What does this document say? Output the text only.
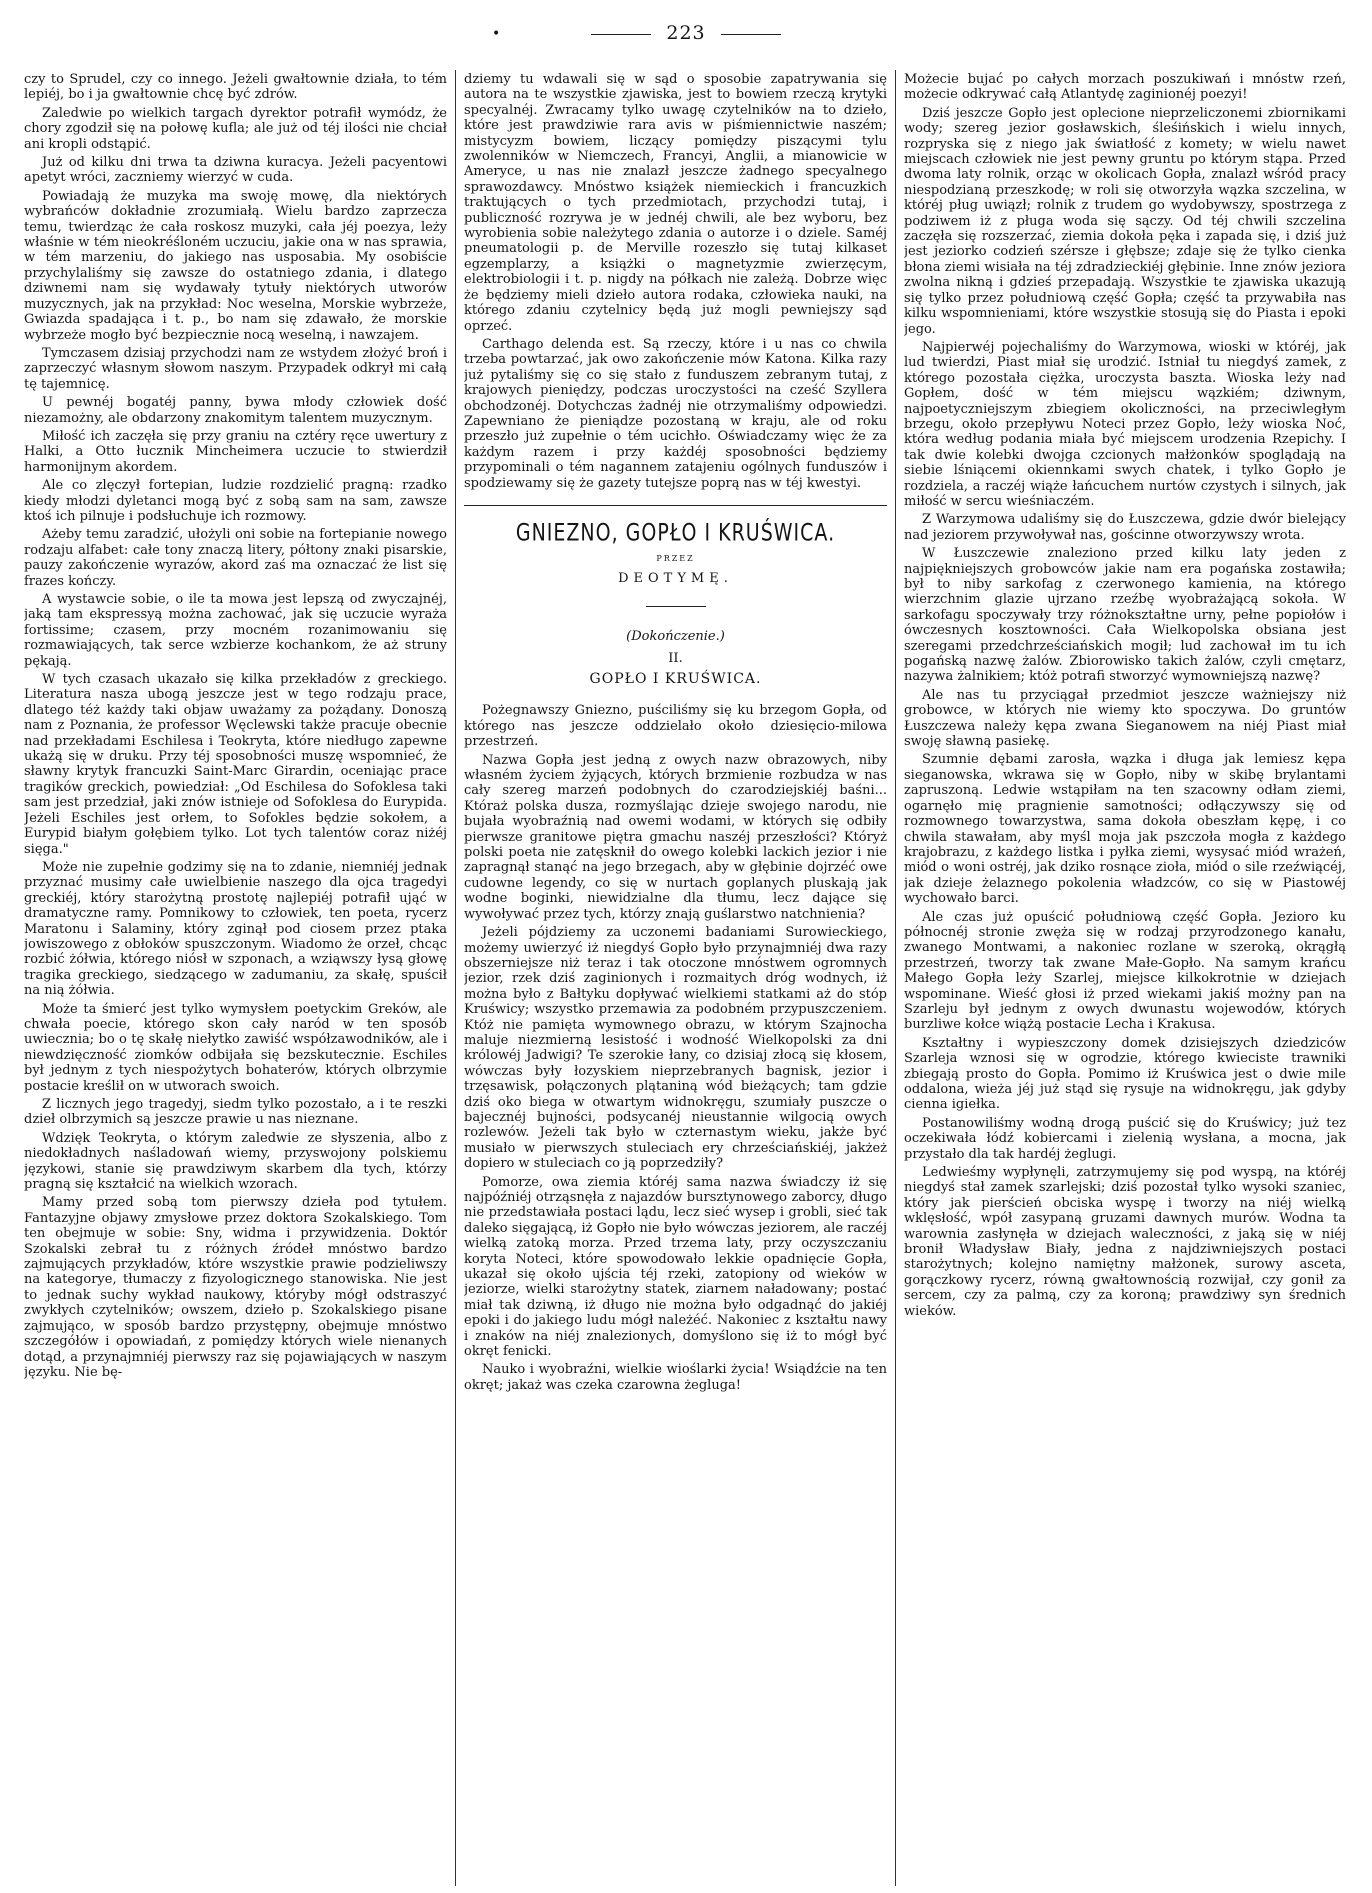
•	223

czy to Sprudel, czy co innego. Jeżeli gwałtownie działa, to tém lepiéj, bo i ja gwałtownie chcę być zdrów.

Zaledwie po wielkich targach dyrektor potrafił wymódz, że chory zgodził się na połowę kufla; ale już od téj ilości nie chciał ani kropli odstąpić.

Już od kilku dni trwa ta dziwna kuracya. Jeżeli pacyentowi apetyt wróci, zaczniemy wierzyć w cuda.

Powiadają że muzyka ma swoję mowę, dla niektórych wybrańców dokładnie zrozumiałą. Wielu bardzo zaprzecza temu, twierdząc że cała roskosz muzyki, cała jéj poezya, leży właśnie w tém nieokréśloném uczuciu, jakie ona w nas sprawia, w tém marzeniu, do jakiego nas usposabia. My osobiście przychylaliśmy się zawsze do ostatniego zdania, i dlatego dziwnemi nam się wydawały tytuły niektórych utworów muzycznych, jak na przykład: Noc weselna, Morskie wybrzeże, Gwiazda spadająca i t. p., bo nam się zdawało, że morskie wybrzeże mogło być bezpiecznie nocą weselną, i nawzajem.

Tymczasem dzisiaj przychodzi nam ze wstydem złożyć broń i zaprzeczyć własnym słowom naszym. Przypadek odkrył mi całą tę tajemnicę.

U pewnéj bogatéj panny, bywa młody człowiek dość niezamożny, ale obdarzony znakomitym talentem muzycznym.

Miłość ich zaczęła się przy graniu na cztéry ręce uwertury z Halki, a Otto łucznik Mincheimera uczucie to stwierdził harmonijnym akordem.

Ale co zlęczył fortepian, ludzie rozdzielić pragną: rzadko kiedy młodzi dyletanci mogą być z sobą sam na sam, zawsze ktoś ich pilnuje i podsłuchuje ich rozmowy.

Ażeby temu zaradzić, ułożyli oni sobie na fortepianie nowego rodzaju alfabet: całe tony znaczą litery, półtony znaki pisarskie, pauzy zakończenie wyrazów, akord zaś ma oznaczać że list się frazes kończy.

A wystawcie sobie, o ile ta mowa jest lepszą od zwyczajnéj, jaką tam ekspressyą można zachować, jak się uczucie wyraża fortissime; czasem, przy mocném rozanimowaniu się rozmawiających, tak serce wzbierze kochankom, że aż struny pękają.

W tych czasach ukazało się kilka przekładów z greckiego. Literatura nasza ubogą jeszcze jest w tego rodzaju prace, dlatego téż każdy taki objaw uważamy za pożądany. Donoszą nam z Poznania, że professor Węclewski także pracuje obecnie nad przekładami Eschilesa i Teokryta, które niedługo zapewne ukażą się w druku. Przy téj sposobności muszę wspomnieć, że sławny krytyk francuzki Saint-Marc Girardin, oceniając prace tragików greckich, powiedział: „Od Eschilesa do Sofoklesa taki sam jest przedział, jaki znów istnieje od Sofoklesa do Eurypida. Jeżeli Eschiles jest orłem, to Sofokles będzie sokołem, a Eurypid białym gołębiem tylko. Lot tych talentów coraz niżéj sięga."

Może nie zupełnie godzimy się na to zdanie, niemniéj jednak przyznać musimy całe uwielbienie naszego dla ojca tragedyi greckiéj, który starożytną prostotę najlepiéj potrafił ująć w dramatyczne ramy. Pomnikowy to człowiek, ten poeta, rycerz Maratonu i Salaminy, który zginął pod ciosem przez ptaka jowiszowego z obłoków spuszczonym. Wiadomo że orzeł, chcąc rozbić żółwia, którego niósł w szponach, a wziąwszy łysą głowę tragika greckiego, siedzącego w zadumaniu, za skałę, spuścił na nią żółwia.

Może ta śmierć jest tylko wymysłem poetyckim Greków, ale chwała poecie, którego skon cały naród w ten sposób uwiecznia; bo o tę skałę niełytko zawiść współzawodników, ale i niewdzięczność ziomków odbijała się bezskutecznie. Eschiles był jednym z tych niespożytych bohaterów, których olbrzymie postacie kreślił on w utworach swoich.

Z licznych jego tragedyj, siedm tylko pozostało, a i te reszki dzieł olbrzymich są jeszcze prawie u nas nieznane.

Wdzięk Teokryta, o którym zaledwie ze słyszenia, albo z niedokładnych naśladowań wiemy, przyswojony polskiemu językowi, stanie się prawdziwym skarbem dla tych, którzy pragną się kształcić na wielkich wzorach.

Mamy przed sobą tom pierwszy dzieła pod tytułem. Fantazyjne objawy zmysłowe przez doktora Szokalskiego. Tom ten obejmuje w sobie: Sny, widma i przywidzenia. Doktór Szokalski zebrał tu z różnych źródeł mnóstwo bardzo zajmujących przykładów, które wszystkie prawie podzieliwszy na kategorye, tłumaczy z fizyologicznego stanowiska. Nie jest to jednak suchy wykład naukowy, któryby mógł odstraszyć zwykłych czytelników; owszem, dzieło p. Szokalskiego pisane zajmująco, w sposób bardzo przystępny, obejmuje mnóstwo szczegółów i opowiadań, z pomiędzy których wiele nienanych dotąd, a przynajmniéj pierwszy raz się pojawiających w naszym języku. Nie bę-

dziemy tu wdawali się w sąd o sposobie zapatrywania się autora na te wszystkie zjawiska, jest to bowiem rzeczą krytyki specyalnéj. Zwracamy tylko uwagę czytelników na to dzieło, które jest prawdziwie rara avis w piśmiennictwie naszém; mistycyzm bowiem, liczący pomiędzy piszącymi tylu zwolenników w Niemczech, Francyi, Anglii, a mianowicie w Ameryce, u nas nie znalazł jeszcze żadnego specyalnego sprawozdawcy. Mnóstwo książek niemieckich i francuzkich traktujących o tych przedmiotach, przychodzi tutaj, i publiczność rozrywa je w jednéj chwili, ale bez wyboru, bez wyrobienia sobie należytego zdania o autorze i o dziele. Saméj pneumatologii p. de Merville rozeszło się tutaj kilkaset egzemplarzy, a książki o magnetyzmie zwierzęcym, elektrobiologii i t. p. nigdy na półkach nie zależą. Dobrze więc że będziemy mieli dzieło autora rodaka, człowieka nauki, na którego zdaniu czytelnicy będą już mogli pewniejszy sąd oprzeć.

Carthago delenda est. Są rzeczy, które i u nas co chwila trzeba powtarzać, jak owo zakończenie mów Katona. Kilka razy już pytaliśmy się co się stało z funduszem zebranym tutaj, z krajowych pieniędzy, podczas uroczystości na cześć Szyllera obchodzonéj. Dotychczas żadnéj nie otrzymaliśmy odpowiedzi. Zapewniano że pieniądze pozostaną w kraju, ale od roku przeszło już zupełnie o tém ucichło. Oświadczamy więc że za każdym razem i przy każdéj sposobności będziemy przypominali o tém nagannem zatajeniu ogólnych funduszów i spodziewamy się że gazety tutejsze poprą nas w téj kwestyi.

GNIEZNO, GOPŁO I KRUŚWICA.
PRZEZ
DEOTYMĘ.
(Dokończenie.)
II.
GOPŁO I KRUŚWICA.

Pożegnawszy Gniezno, puściliśmy się ku brzegom Gopła, od którego nas jeszcze oddzielało około dziesięcio-milowa przestrzeń.

Nazwa Gopła jest jedną z owych nazw obrazowych, niby własném życiem żyjących, których brzmienie rozbudza w nas cały szereg marzeń podobnych do czarodziejskiéj baśni... Któraż polska dusza, rozmyślając dzieje swojego narodu, nie bujała wyobraźnią nad owemi wodami, w których się odbiły pierwsze granitowe piętra gmachu naszéj przeszłości? Któryż polski poeta nie zatęsknił do owego kolebki lackich jezior i nie zapragnął stanąć na jego brzegach, aby w głębinie dojrzéć owe cudowne legendy, co się w nurtach goplanych pluskają jak wodne boginki, niewidzialne dla tłumu, lecz dające się wywoływać przez tych, którzy znają guślarstwo natchnienia?

Jeżeli pójdziemy za uczonemi badaniami Surowieckiego, możemy uwierzyć iż niegdyś Gopło było przynajmniéj dwa razy obszerniejsze niż teraz i tak otoczone mnóstwem ogromnych jezior, rzek dziś zaginionych i rozmaitych dróg wodnych, iż można było z Bałtyku dopływać wielkiemi statkami aż do stóp Kruświcy; wszystko przemawia za podobném przypuszczeniem. Któż nie pamięta wymownego obrazu, w którym Szajnocha maluje niezmierną lesistość i wodność Wielkopolski za dni królowéj Jadwigi? Te szerokie łany, co dzisiaj złocą się kłosem, wówczas były łozyskiem nieprzebranych bagnisk, jezior i trzęsawisk, połączonych plątaniną wód bieżących; tam gdzie dziś oko biega w otwartym widnokręgu, szumiały puszcze o bajecznéj bujności, podsycanéj nieustannie wilgocią owych rozlewów. Jeżeli tak było w czternastym wieku, jakże być musiało w pierwszych stuleciach ery chrześciańskiéj, jakżeż dopiero w stuleciach co ją poprzedziły?

Pomorze, owa ziemia któréj sama nazwa świadczy iż się najpóźniéj otrząsnęła z najazdów bursztynowego zaborcy, długo nie przedstawiała postaci lądu, lecz sieć wysep i grobli, sieć tak daleko sięgającą, iż Gopło nie było wówczas jeziorem, ale raczéj wielką zatoką morza. Przed trzema laty, przy oczyszczaniu koryta Noteci, które spowodowało lekkie opadnięcie Gopła, ukazał się około ujścia téj rzeki, zatopiony od wieków w jeziorze, wielki starożytny statek, ziarnem naładowany; postać miał tak dziwną, iż długo nie można było odgadnąć do jakiéj epoki i do jakiego ludu mógł należéć. Nakoniec z kształtu nawy i znaków na niéj znalezionych, domyślono się iż to mógł być okręt fenicki.

Nauko i wyobraźni, wielkie wioślarki życia! Wsiądźcie na ten okręt; jakaż was czeka czarowna żegluga!

Możecie bujać po całych morzach poszukiwań i mnóstw rzeń, możecie odkrywać całą Atlantydę zaginionéj poezyi!

Dziś jeszcze Gopło jest oplecione nieprzeliczonemi zbiornikami wody; szereg jezior gosławskich, śleśińskich i wielu innych, rozpryska się z niego jak światłość z komety; w wielu nawet miejscach człowiek nie jest pewny gruntu po którym stąpa. Przed dwoma laty rolnik, orząc w okolicach Gopła, znalazł wśród pracy niespodzianą przeszkodę; w roli się otworzyła wązka szczelina, w któréj pług uwiązł; rolnik z trudem go wydobywszy, spostrzega z podziwem iż z pługa woda się sączy. Od téj chwili szczelina zaczęła się rozszerzać, ziemia dokoła pęka i zapada się, i dziś już jest jeziorko codzień szérsze i głębsze; zdaje się że tylko cienka błona ziemi wisiała na téj zdradzieckiéj głębinie. Inne znów jeziora zwolna nikną i gdzieś przepadają. Wszystkie te zjawiska ukazują się tylko przez południową część Gopła; część ta przywabiła nas kilku wspomnieniami, które wszystkie stosują się do Piasta i epoki jego.

Najpierwéj pojechaliśmy do Warzymowa, wioski w któréj, jak lud twierdzi, Piast miał się urodzić. Istniał tu niegdyś zamek, z którego pozostała ciężka, uroczysta baszta. Wioska leży nad Gopłem, dość w tém miejscu wązkiém; dziwnym, najpoetyczniejszym zbiegiem okoliczności, na przeciwległym brzegu, około przepływu Noteci przez Gopło, leży wioska Noć, która według podania miała być miejscem urodzenia Rzepichy. I tak dwie kolebki dwojga czcionych małżonków spoglądają na siebie lśniącemi okiennkami swych chatek, i tylko Gopło je rozdziela, a raczéj wiąże łańcuchem nurtów czystych i silnych, jak miłość w sercu wieśniaczém.

Z Warzymowa udaliśmy się do Łuszczewa, gdzie dwór bielejący nad jeziorem przywoływał nas, gościnne otworzywszy wrota.

W Łuszczewie znaleziono przed kilku laty jeden z najpiękniejszych grobowców jakie nam era pogańska zostawiła; był to niby sarkofag z czerwonego kamienia, na którego wierzchnim glazie ujrzano rzeźbę wyobrażającą sokoła. W sarkofagu spoczywały trzy różnokształtne urny, pełne popiołów i ówczesnych kosztowności. Cała Wielkopolska obsiana jest szeregami przedchrześciańskich mogił; lud zachował im tu ich pogańską nazwę żalów. Zbiorowisko takich żalów, czyli cmętarz, nazywa żalnikiem; któż potrafi stworzyć wymowniejszą nazwę?

Ale nas tu przyciągał przedmiot jeszcze ważniejszy niż grobowce, w których nie wiemy kto spoczywa. Do gruntów Łuszczewa należy kępa zwana Sieganowem na niéj Piast miał swoję sławną pasiekę.

Szumnie dębami zarosła, wązka i długa jak lemiesz kępa sieganowska, wkrawa się w Gopło, niby w skibę brylantami zapruszoną. Ledwie wstąpiłam na ten szacowny odłam ziemi, ogarnęło mię pragnienie samotności; odłączywszy się od rozmownego towarzystwa, sama dokoła obeszłam kępę, i co chwila stawałam, aby myśl moja jak pszczoła mogła z każdego krajobrazu, z każdego listka i pyłka ziemi, wysysać miód wrażeń, miód o woni ostréj, jak dziko rosnące zioła, miód o sile rzeźwiącéj, jak dzieje żelaznego pokolenia władzców, co się w Piastowéj wychowało barci.

Ale czas już opuścić południową część Gopła. Jezioro ku północnéj stronie zwęża się w rodzaj przyrodzonego kanału, zwanego Montwami, a nakoniec rozlane w szeroką, okrągłą przestrzeń, tworzy tak zwane Małe-Gopło. Na samym krańcu Małego Gopła leży Szarlej, miejsce kilkokrotnie w dziejach wspominane. Wieść głosi iż przed wiekami jakiś możny pan na Szarleju był jednym z owych dwunastu wojewodów, których burzliwe kołce wiążą postacie Lecha i Krakusa.

Kształtny i wypieszczony domek dzisiejszych dziedziców Szarleja wznosi się w ogrodzie, którego kwieciste trawniki zbiegają prosto do Gopła. Pomimo iż Kruświca jest o dwie mile oddalona, wieża jéj już stąd się rysuje na widnokręgu, jak gdyby cienna igiełka.

Postanowiliśmy wodną drogą puścić się do Kruświcy; już tez oczekiwała łódź kobiercami i zielenią wysłana, a mocna, jak przystało dla tak hardéj żeglugi.

Ledwieśmy wypłynęli, zatrzymujemy się pod wyspą, na któréj niegdyś stał zamek szarlejski; dziś pozostał tylko wysoki szaniec, który jak pierścień obciska wyspę i tworzy na niéj wielką wklęsłość, wpół zasypaną gruzami dawnych murów. Wodna ta warownia zasłynęła w dziejach waleczności, z jaką się w niéj bronił Władysław Biały, jedna z najdziwniejszych postaci starożytnych; kolejno namiętny małżonek, surowy asceta, gorączkowy rycerz, równą gwałtownością rozwijał, czy gonił za sercem, czy za palmą, czy za koroną; prawdziwy syn średnich wieków.
